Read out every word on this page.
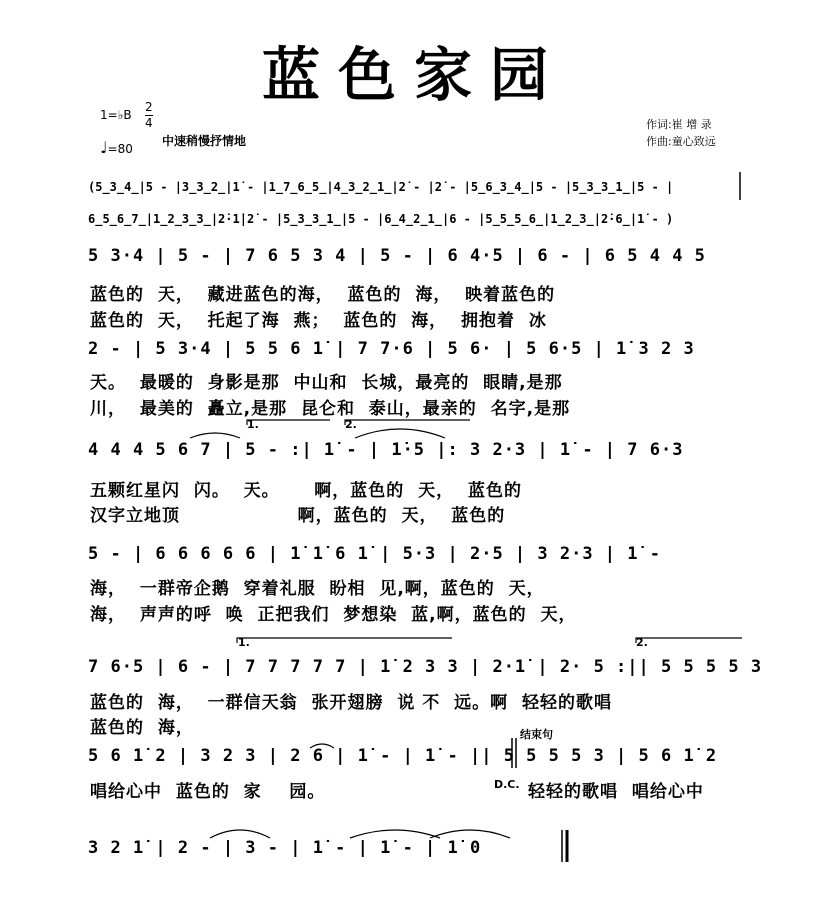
蓝色家园
1=♭B
2
4
♩=80
中速稍慢抒情地
作词:崔 增 录
作曲:童心致远
(5̲3̲4̲|5 - |3̲3̲2̲|1̇ - |1̲7̲6̲5̲|4̲3̲2̲1̲|2̇ - |2̇ - |5̲6̲3̲4̲|5 - |5̲3̲3̲1̲|5 - |
6̲5̲6̲7̲|1̲2̲3̲3̲|2̇·1̇|2̇ - |5̲3̲3̲1̲|5 - |6̲4̲2̲1̲|6 - |5̲5̲5̲6̲|1̲2̲3̲|2̇·6̲|1̇ - )
5 3·4 | 5 - | 7 6 5 3 4 | 5 - | 6 4·5 | 6 - | 6 5 4 4 5
蓝色的  天，  藏进蓝色的海，  蓝色的  海，  映着蓝色的
蓝色的  天，  托起了海  燕；  蓝色的  海，  拥抱着  冰
2 - | 5 3·4 | 5 5 6 1̇ | 7 7·6 | 5 6· | 5 6·5 | 1̇ 3 2 3
天。  最暖的  身影是那  中山和  长城，最亮的  眼睛,是那
川，  最美的  矗立,是那  昆仑和  泰山，最亲的  名字,是那
1.	2.
4 4 4 5 6 7 | 5 - :| 1̇ - | 1̇·5 |: 3 2·3 | 1̇ - | 7 6·3
五颗红星闪  闪。  天。     啊，蓝色的  天，  蓝色的
汉字立地顶                 啊，蓝色的  天，  蓝色的
5 - | 6 6 6 6 6 | 1̇ 1̇ 6 1̇ | 5·3 | 2·5 | 3 2·3 | 1̇ -
海，  一群帝企鹅  穿着礼服  盼相  见,啊，蓝色的  天，
海，  声声的呼  唤  正把我们  梦想染  蓝,啊，蓝色的  天，
1.	2.
7 6·5 | 6 - | 7 7 7 7 7 | 1̇ 2 3 3 | 2·1̇ | 2· 5 :|| 5 5 5 5 3
蓝色的  海，  一群信天翁  张开翅膀  说 不  远。啊  轻轻的歌唱
蓝色的  海，	结束句
5 6 1̇ 2 | 3 2 3 | 2 6 | 1̇ - | 1̇ - || 5 5 5 5 3 | 5 6 1̇ 2
唱给心中  蓝色的  家    园。	D.C. 轻轻的歌唱  唱给心中
3 2 1̇ | 2 - | 3 - | 1̇ - | 1̇ - | 1̇ 0
